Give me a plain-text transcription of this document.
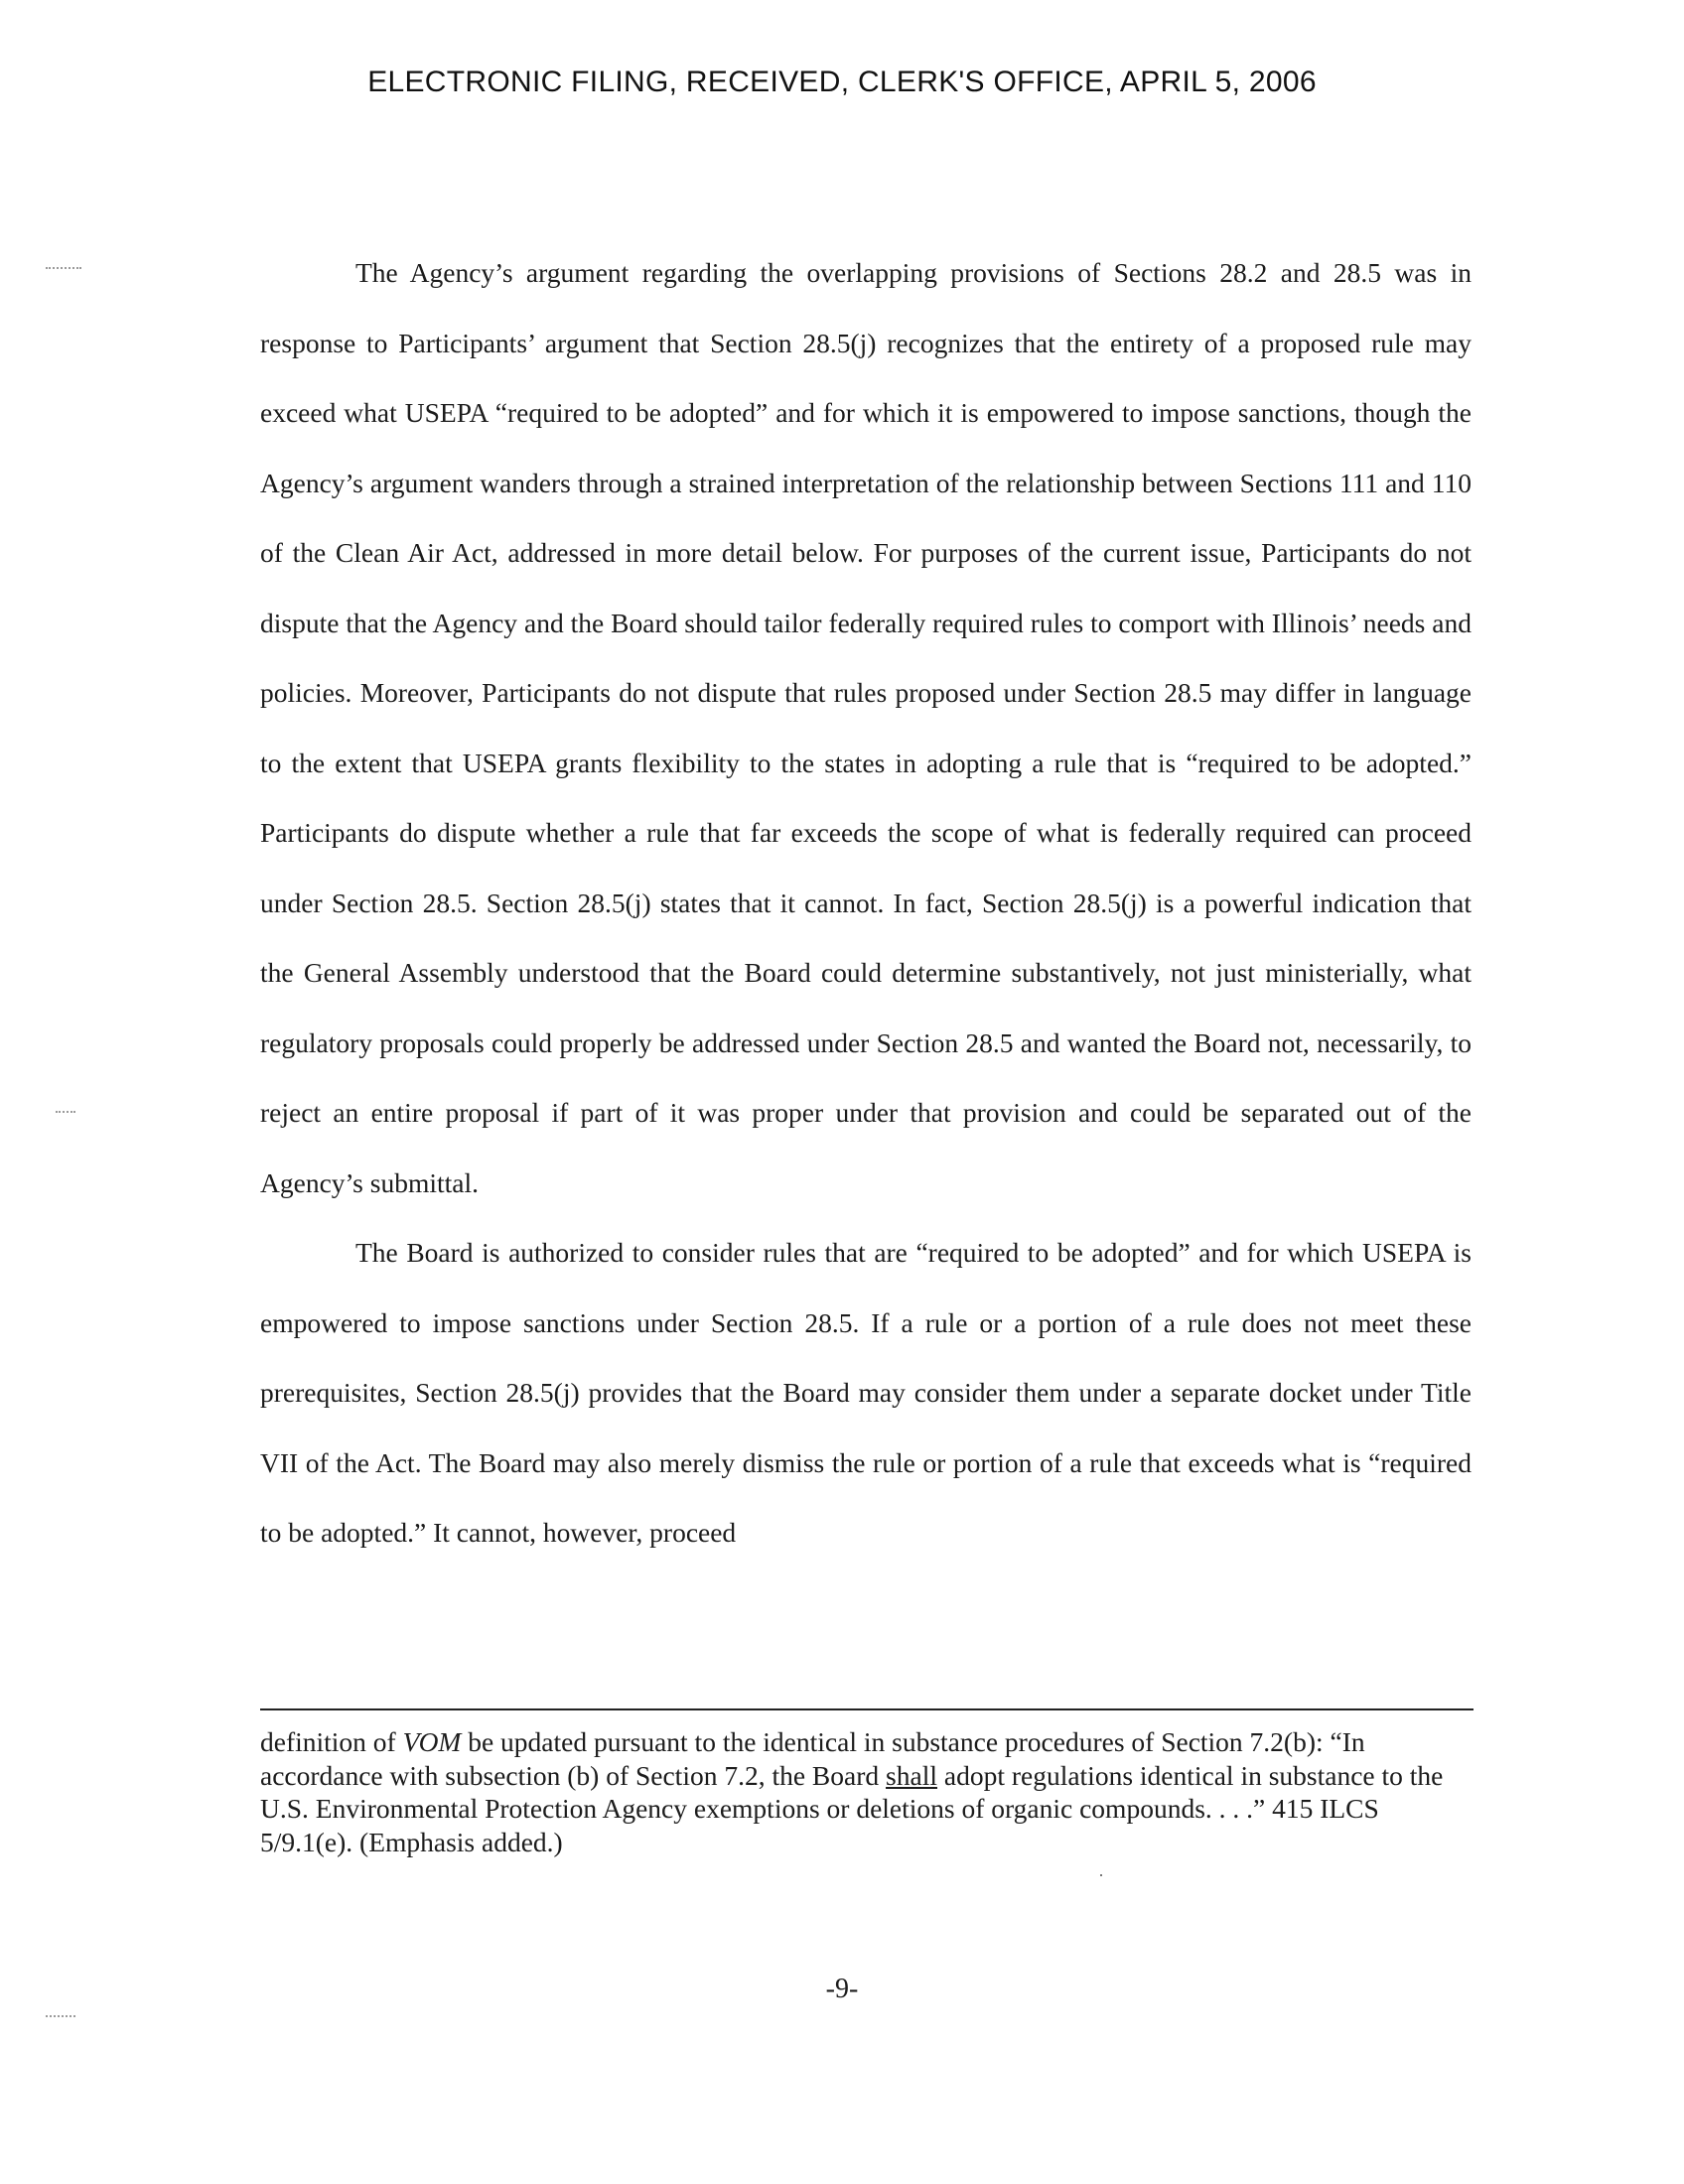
ELECTRONIC FILING, RECEIVED, CLERK'S OFFICE, APRIL 5, 2006

The Agency’s argument regarding the overlapping provisions of Sections 28.2 and 28.5 was in response to Participants’ argument that Section 28.5(j) recognizes that the entirety of a proposed rule may exceed what USEPA “required to be adopted” and for which it is empowered to impose sanctions, though the Agency’s argument wanders through a strained interpretation of the relationship between Sections 111 and 110 of the Clean Air Act, addressed in more detail below. For purposes of the current issue, Participants do not dispute that the Agency and the Board should tailor federally required rules to comport with Illinois’ needs and policies. Moreover, Participants do not dispute that rules proposed under Section 28.5 may differ in language to the extent that USEPA grants flexibility to the states in adopting a rule that is “required to be adopted.” Participants do dispute whether a rule that far exceeds the scope of what is federally required can proceed under Section 28.5. Section 28.5(j) states that it cannot. In fact, Section 28.5(j) is a powerful indication that the General Assembly understood that the Board could determine substantively, not just ministerially, what regulatory proposals could properly be addressed under Section 28.5 and wanted the Board not, necessarily, to reject an entire proposal if part of it was proper under that provision and could be separated out of the Agency’s submittal.

The Board is authorized to consider rules that are “required to be adopted” and for which USEPA is empowered to impose sanctions under Section 28.5. If a rule or a portion of a rule does not meet these prerequisites, Section 28.5(j) provides that the Board may consider them under a separate docket under Title VII of the Act. The Board may also merely dismiss the rule or portion of a rule that exceeds what is “required to be adopted.” It cannot, however, proceed

definition of VOM be updated pursuant to the identical in substance procedures of Section 7.2(b): “In accordance with subsection (b) of Section 7.2, the Board shall adopt regulations identical in substance to the U.S. Environmental Protection Agency exemptions or deletions of organic compounds. . . .” 415 ILCS 5/9.1(e). (Emphasis added.)
-9-
